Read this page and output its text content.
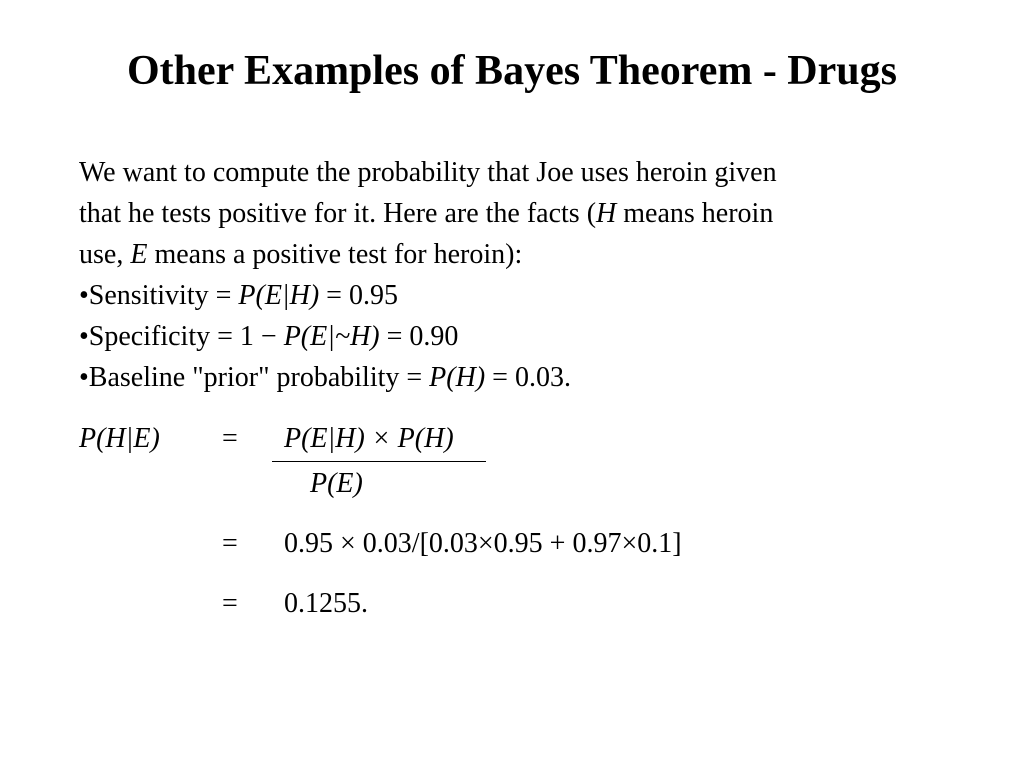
Other Examples of Bayes Theorem - Drugs
We want to compute the probability that Joe uses heroin given
that he tests positive for it. Here are the facts (H means heroin
use, E means a positive test for heroin):
•Sensitivity = P(E|H) = 0.95
•Specificity = 1 − P(E|~H) = 0.90
•Baseline "prior" probability = P(H) = 0.03.
P(H|E) = P(E|H) × P(H)
P(E)
= 0.95 × 0.03/[0.03×0.95 + 0.97×0.1]
= 0.1255.
